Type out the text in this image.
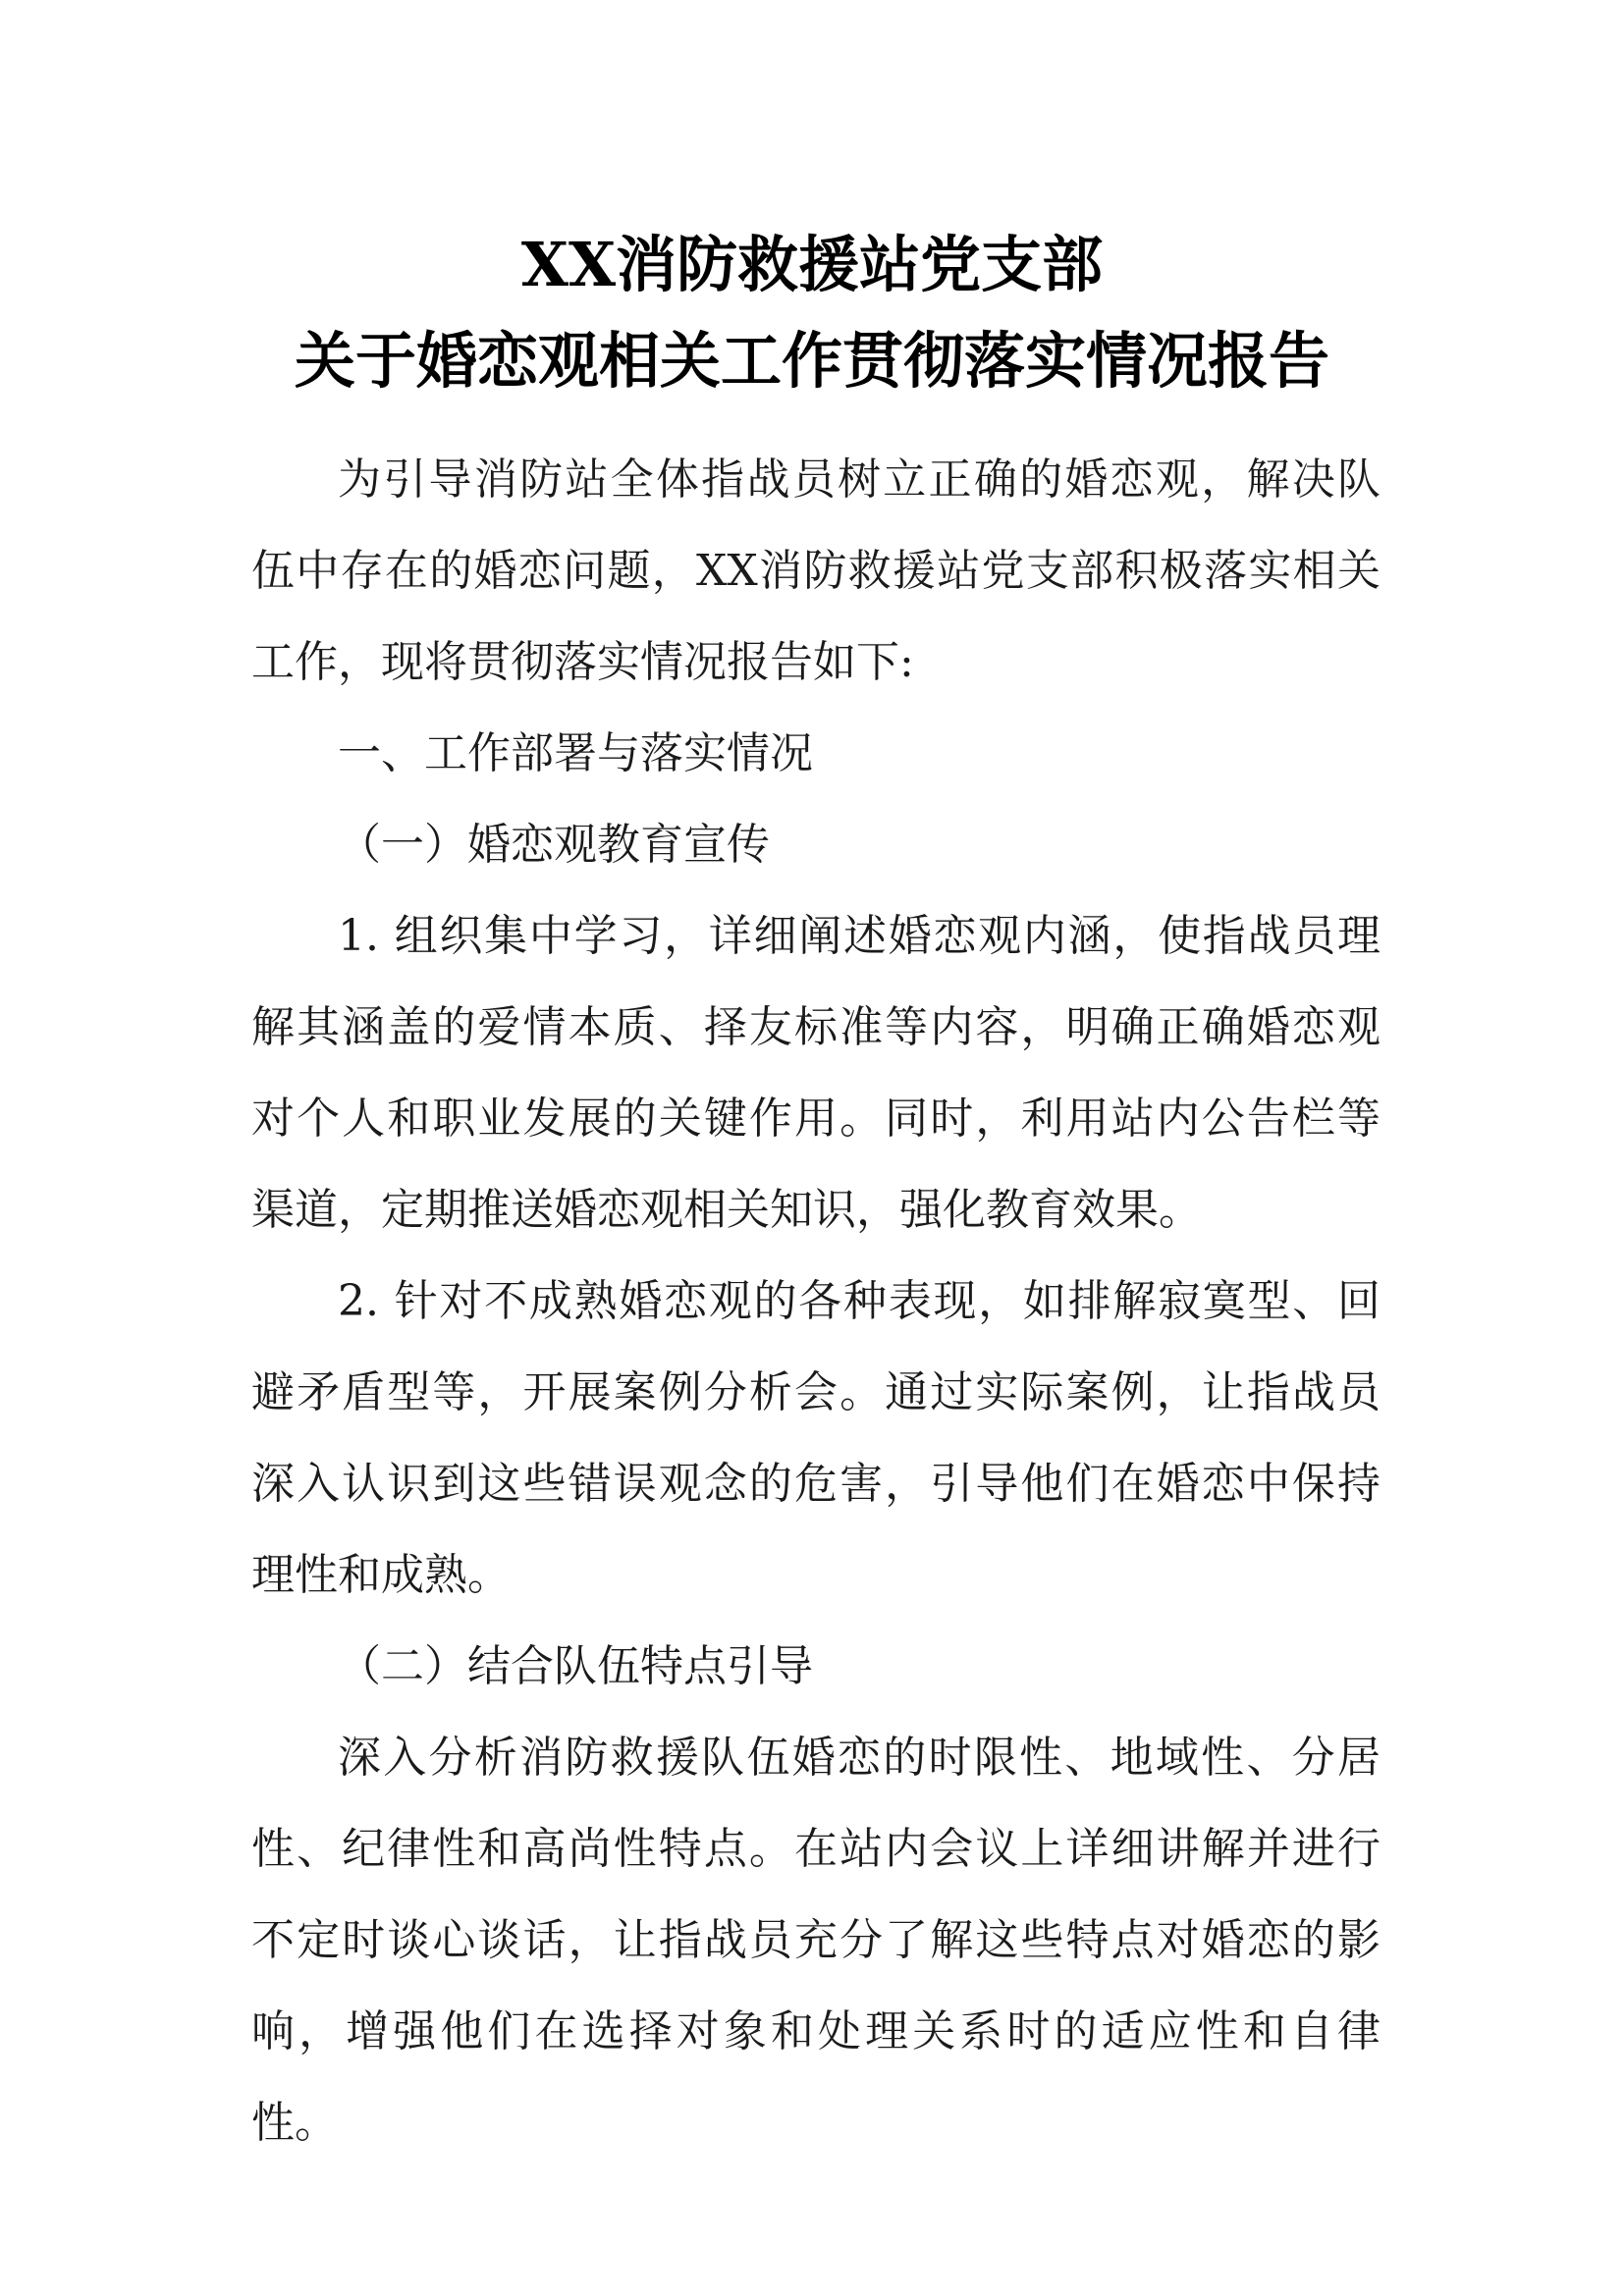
XX消防救援站党支部
关于婚恋观相关工作贯彻落实情况报告
为引导消防站全体指战员树立正确的婚恋观，解决队
伍中存在的婚恋问题，XX消防救援站党支部积极落实相关
工作，现将贯彻落实情况报告如下:
一、工作部署与落实情况
（一）婚恋观教育宣传
1. 组织集中学习，详细阐述婚恋观内涵，使指战员理
解其涵盖的爱情本质、择友标准等内容，明确正确婚恋观
对个人和职业发展的关键作用。同时，利用站内公告栏等
渠道，定期推送婚恋观相关知识，强化教育效果。
2. 针对不成熟婚恋观的各种表现，如排解寂寞型、回
避矛盾型等，开展案例分析会。通过实际案例，让指战员
深入认识到这些错误观念的危害，引导他们在婚恋中保持
理性和成熟。
（二）结合队伍特点引导
深入分析消防救援队伍婚恋的时限性、地域性、分居
性、纪律性和高尚性特点。在站内会议上详细讲解并进行
不定时谈心谈话，让指战员充分了解这些特点对婚恋的影
响，增强他们在选择对象和处理关系时的适应性和自律
性。
